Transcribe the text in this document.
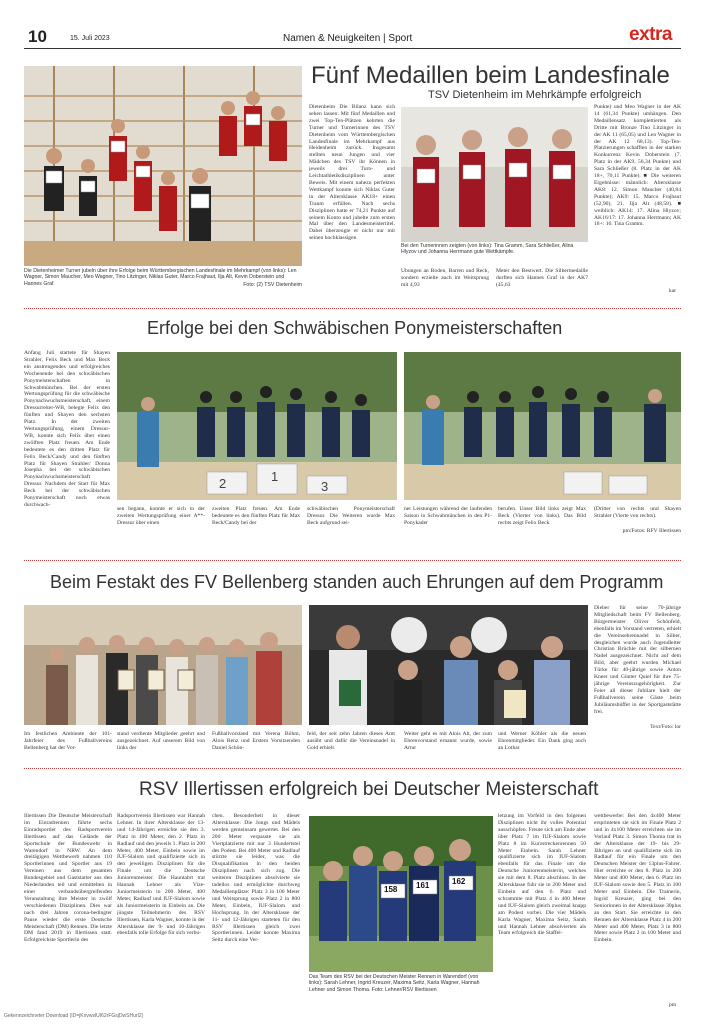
10	15. Juli 2023	Namen & Neuigkeiten | Sport	extra
Die Dietenheimer Turner jubeln über ihre Erfolge beim Württembergischen Landesfinale im Mehrkampf (von links): Len Wagner, Simon Maucher, Meo Wagner, Tino Litzinger, Niklas Guter, Marco Frajhaut, Ilja Alt, Kevin Doberstein und Hannes Graf.	Foto: (2) TSV Dietenheim
Fünf Medaillen beim Landesfinale
TSV Dietenheim im Mehrkämpfe erfolgreich
Dietenheim Die Bilanz kann sich sehen lassen: Mit fünf Medaillen und zwei Top-Ten-Plätzen kehrten die Turner und Turnerinnen des TSV Dietenheim vom Württembergischen Landesfinale im Mehrkampf aus Heidenheim zurück. Insgesamt stellten neun Jungen und vier Mädchen des TSV ihr Können in jeweils drei Turn- und Leichtathletikdisziplinen unter Beweis. Mit einem nahezu perfekten Wettkampf konnte sich Niklas Guter in der Altersklasse AK18+ einen Traum erfüllen. Nach sechs Disziplinen hatte er 74,21 Punkte auf seinem Konto und jubelte zum ersten Mal über den Landesmeistertitel. Dabei überzeugte er nicht nur mit seinen hochklassigen
Bei den Turnerinnen zeigten (von links): Tina Gramm, Sara Schließer, Alina Hlyzov und Johanna Herrmann gute Wettkämpfe.
Übungen an Boden, Barren und Reck, sondern erzielte auch im Weitsprung mit 4,93
Meter den Bestwert. Die Silbermedaille durften sich Hannes Graf in der AK7 (45,63
Punkte) und Meo Wagner in der AK 14 (61,34 Punkte) umhängen. Den Medaillensatz komplettierten als Dritte mit Bronze Tino Litzinger in der AK 11 (65,05) und Len Wagner in der AK 12 68,13). Top-Ten-Platzierungen schafften in der starken Konkurrenz Kevin Doberstein (7. Platz in der AK9, 56,34 Punkte) und Sara Schließer (8. Platz in der AK 18+, 70,11 Punkte). ■ Die weiteren Ergebnisse: männlich: Altersklasse AK8: 12. Simon Maucher (40,84 Punkte); AK9: 15. Marco Frajhaut (52,90), 21. Ilja Alt (48,58). ■ weiblich: AK14: 17. Alina Hlyzov; AK16/17: 17. Johanna Herrmann; AK 18+: 16. Tina Gramm.
kat
Erfolge bei den Schwäbischen Ponymeisterschaften
Anfang Juli startete für Shayen Strahler, Felix Beck und Max Beck ein anstrengendes und erfolgreiches Wochenende bei den schwäbischen Ponymeisterschaften in Schwabmünchen. Bei der ersten Wertungsprüfung für die schwäbische Ponynachwuchsmeisterschaft, einem Dressurreiter-WB, belegte Felix den fünften und Shayen den sechsten Platz. In der zweiten Wertungsprüfung, einem Dressur-WB, konnte sich Felix über einen zwölften Platz freuen. Am Ende bedeutete es den dritten Platz für Felix Beck/Candy und den fünften Platz für Shayen Strahler/ Donna Josepha bei der schwäbischen Ponynachwuchsmeisterschaft Dressur. Nachdem der Start für Max Beck bei der schwäbischen Ponymeisterschaft noch etwas durchwach-
2	1
3
sen begann, konnte er sich in der zweiten Wertungsprüfung einer A**-Dressur über einen
zweiten Platz freuen. Am Ende bedeutete es den fünften Platz für Max Beck/Candy bei der
schwäbischen Ponymeisterschaft Dressur. Die Weiteren wurde Max Beck aufgrund sei-
ner Leistungen während der laufenden Saison in Schwabmünchen in den P1-Ponykader
berufen. Unser Bild links zeigt Max Beck (Vierter von links). Das Bild rechts zeigt Felix Beck
(Dritter von rechts und Shayen Strahler (Vierte von rechts).
pm/Fotos: RFV Illertissen
Beim Festakt des FV Bellenberg standen auch Ehrungen auf dem Programm
Dieber für seine 70-jährige Mitgliedschaft beim FV Bellenberg. Bürgermeister Oliver Schönfeld, ebenfalls im Vorstand vertreten, erhielt die Vereinsehrennadel in Silber, desgleichen wurde auch Jugendleiter Christian Brüchle mit der silbernen Nadel ausgezeichnet. Nicht auf dem Bild, aber geehrt wurden Michael Türke für 40-jährige sowie Anton Kneer und Günter Quiel für ihre 75-jährige Vereinszugehörigkeit. Zur Feier all dieser Jubilare hielt der Fußballverein seine Gäste beim Jubiläumsbüffet in der Sportgaststätte frei.
Text/Foto: lor
Im festlichen Ambiente der 101-Jahrfeier des Fußballvereins Bellenberg hat der Vor-
stand verdiente Mitglieder geehrt und ausgezeichnet. Auf unserem Bild von links der
Fußballvorstand mit Verena Böhm, Alois Renz und Erstem Vorsitzenden Daniel Schön-
feld, der seit zehn Jahren dieses Amt ausübt und dafür die Vereinsnadel in Gold erhielt.
Weiter geht es mit Alois Alt, der zum Ehrenvorstand ernannt wurde, sowie Artur
und Werner Köhler als die neuen Ehrenmitglieder. Ein Dank ging auch an Lothar
RSV Illertissen erfolgreich bei Deutscher Meisterschaft
Illertissen Die Deutsche Meisterschaft im Einradrennen führte sechs Einradsportler des Radsportverein Illertissen auf das Gelände der Sportschule der Bundeswehr in Warendorf in NRW. An dem dreitägigen Wettbewerb nahmen 110 Sportlerinnen und Sportler aus 19 Vereinen aus dem gesamten Bundesgebiet und Gaststarter aus den Niederlanden teil und ermittelten in einer verbandsübergreifenden Veranstaltung ihre Meister in zwölf verschiedenen Disziplinen. Dies war nach drei Jahren corona-bedingter Pause wieder die erste Deutsche Meisterschaft (DM) Rennen. Die letzte DM fand 2019 in Illertissen statt. Erfolgreichste Sportlerin des
Radsportverein Illertissen war Hannah Lehner. In ihrer Altersklasse der 13- und 14-Jährigen erreichte sie den 3. Platz in 100 Meter, den 2. Platz in Radlauf und den jeweils 1. Platz in 200 Meter, 400 Meter, Einbein sowie im IUF-Slalom und qualifizierte sich in den jeweiligen Disziplinen für die Finale um die Deutsche Juniorenmeister. Die Hauntabrt trat Hannah Lehner als Vize-Juniormeisterin in 200 Meter, 400 Meter, Radlauf und IUF-Slalom sowie als Juniormeisterin in Einbein an. Die jüngste Teilnehmerin des RSV Illertissen, Karla Wagner, konnte in der Altersklasse der 9- und 10-Jährigen ebenfalls tolle Erfolge für sich verbu-
chen. Besonderheit in dieser Altersklasse: Die Jungs und Mädels werden gemeinsam gewertet. Bei den 200 Meter verpasste sie als Viertplatzierte mit nur 3 Hundertstel des Podest. Bei 400 Meter und Radlauf stürzte sie leider, was die Disqualifikation in den beiden Disziplinen nach sich zog. Die weiteren Disziplinen absolvierte sie tadellos und ermöglichte durchweg Medaillenplätze: Platz 3 in 100 Meter und Weitsprung sowie Platz 2 in 800 Meter, Einbein, IUF-Slalom und Hochsprung. In der Altersklasse der 11- und 12-Jährigen starteten für den RSV Illertissen gleich zwei Sportlerinnen. Leider konnte Maxima Seitz durch eine Ver-
158 161	162
Das Team des RSV bei der Deutschen Meister Rennen in Warendorf (von links): Sarah Lehner, Ingrid Kreuzer, Maxima Seitz, Karla Wagner, Hannah Lehner und Simon Thoma. Foto: Lehner/RSV Illertissen
letzung im Vorfeld in den folgenen Disziplinen nicht ihr volles Potential ausschöpfen. Freute sich am Ende aber über Platz 7 im IUF-Slalom sowie Platz 8 im Kurzstreckenrennen 50 Meter Einbein. Sarah Lehner qualifizierte sich im IUF-Slalom ebenfalls für das Finale um die Deutsche Juniorenmeisterin, welches sie mit dem 8. Platz abschloss. In der Altersklasse fuhr sie in 200 Meter und Einbein auf den 6. Platz und schrammte mit Platz 4 in 400 Meter und IUF-Slalom gleich zweimal knapp am Podest vorbei. Die vier Mädels Karla Wagner, Maxima Seitz, Sarah und Hannah Lehner absolvierten als Team erfolgreich die Staffel-
wettbewerbe: Bei den 4x400 Meter ersprinteten sie sich im Finale Platz 2 und in 4x100 Meter erreichten sie im Vorlauf Platz 3. Simon Thoma trat in der Altersklasse der 19- bis 29-Jährigen an und qualifizierte sich im Radlauf für ein Finale um den Deutschen Meister der 13plus-Fahrer. Hier erreichte er den 8. Platz in 200 Meter und 400 Meter, den 6. Platz im IUF-Slalom sowie den 5. Platz in 100 Meter und Einbein. Die Trainerin, Ingrid Kreuzer, ging bei den Seniorinnen in der Altersklasse 30plus an den Start. Sie erreichte in den Rennen der Altersklasse Platz 4 in 200 Meter und 400 Meter, Platz 3 in 800 Meter sowie Platz 2 in 100 Meter und Einbein.
pm
Gekennzeichneter Download (ID=jKnvwslUI62rFGsjDwSHurI2)
